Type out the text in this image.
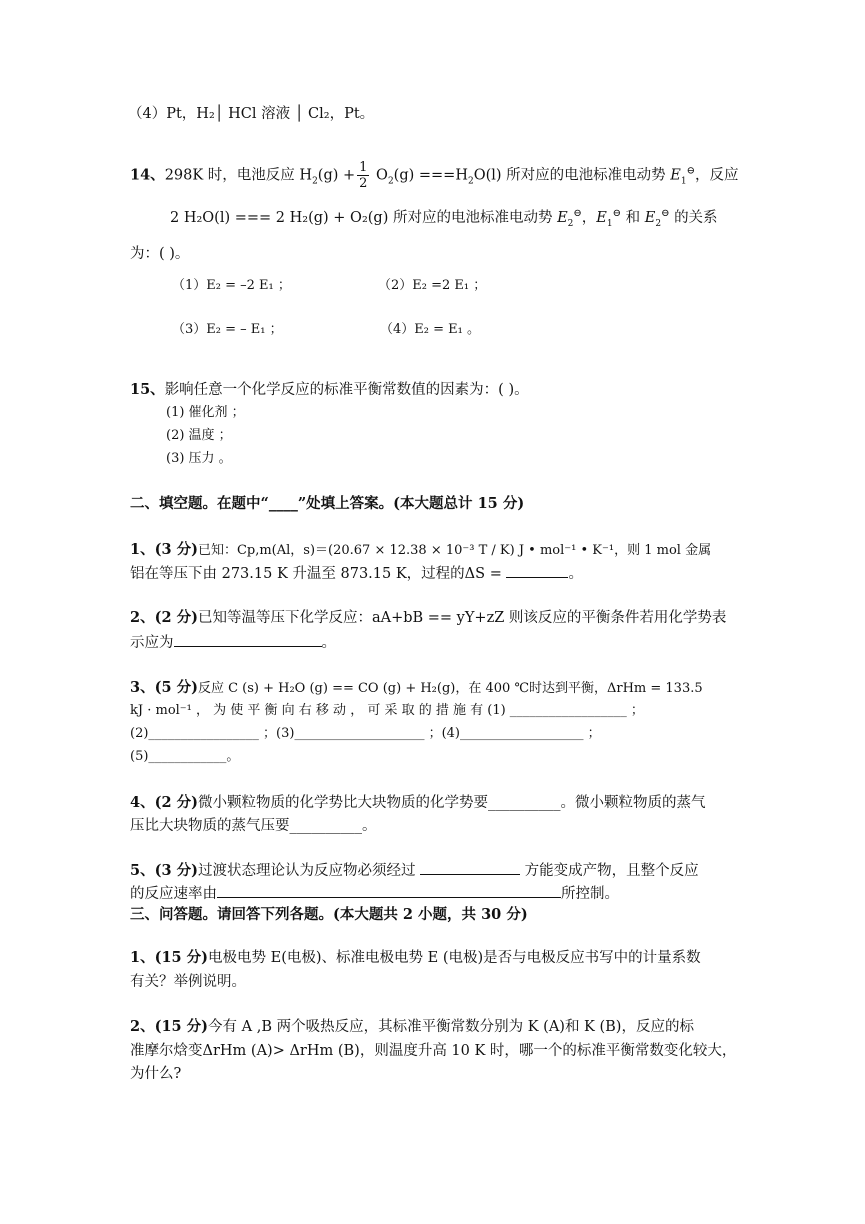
（4）Pt，H₂│ HCl 溶液 │ Cl₂，Pt。
14、298K 时，电池反应 $H_2(g) + \frac{1}{2} O_2(g) ===H_2O(l)$ 所对应的电池标准电动势 $E_1^⊖$，反应
2 H₂O(l) === 2 H₂(g) + O₂(g) 所对应的电池标准电动势 $E_2^⊖$，$E_1^⊖$ 和 $E_2^⊖$ 的关系
为：( )。
（1）E₂ = –2 E₁ ；	（2）E₂ =2 E₁ ；
（3）E₂ = – E₁ ；	（4）E₂ = E₁ 。
15、影响任意一个化学反应的标准平衡常数值的因素为：( )。
(1) 催化剂 ；
(2) 温度 ；
(3) 压力 。
二、填空题。在题中“____”处填上答案。(本大题总计 15 分)
1、(3 分)已知：Cp,m(Al，s)＝(20.67 × 12.38 × 10⁻³ T / K) J • mol⁻¹ • K⁻¹，则 1 mol 金属
铝在等压下由 273.15 K 升温至 873.15 K，过程的ΔS =	。
2、(2 分)已知等温等压下化学反应：aA+bB == yY+zZ 则该反应的平衡条件若用化学势表
示应为	。
3、(5 分)反应 C (s) + H₂O (g) == CO (g) + H₂(g)，在 400 ℃时达到平衡，ΔrHm = 133.5
kJ · mol⁻¹ ， 为 使 平 衡 向 右 移 动 ， 可 采 取 的 措 施 有 (1) __________________ ；
(2)_________________ ；(3)____________________ ；(4)___________________ ；
(5)____________。
4、(2 分)微小颗粒物质的化学势比大块物质的化学势要__________。微小颗粒物质的蒸气
压比大块物质的蒸气压要__________。
5、(3 分)过渡状态理论认为反应物必须经过	方能变成产物，且整个反应
的反应速率由	所控制。
三、问答题。请回答下列各题。(本大题共 2 小题，共 30 分)
1、(15 分)电极电势 E(电极)、标准电极电势 E (电极)是否与电极反应书写中的计量系数
有关？举例说明。
2、(15 分)今有 A ,B 两个吸热反应，其标准平衡常数分别为 K (A)和 K (B)，反应的标
准摩尔焓变ΔrHm (A)> ΔrHm (B)，则温度升高 10 K 时，哪一个的标准平衡常数变化较大，
为什么?
